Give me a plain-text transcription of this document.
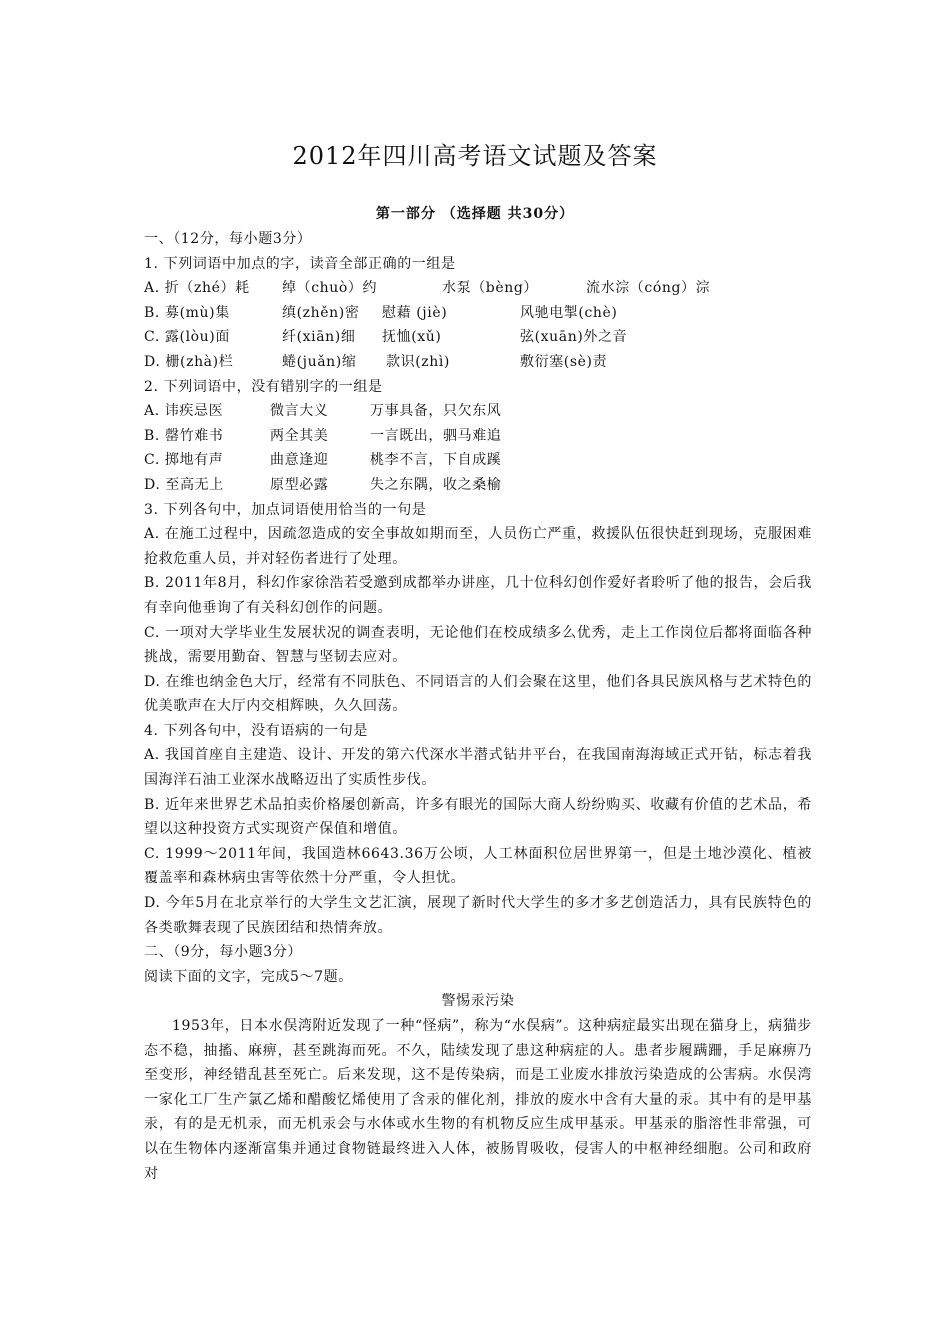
2012年四川高考语文试题及答案
第一部分 （选择题 共30分）
一、（12分，每小题3分）
1. 下列词语中加点的字，读音全部正确的一组是
A. 折（zhé）耗 绰（chuò）约	水泵（bèng）	流水淙（cóng）淙
B. 募(mù)集	缜(zhěn)密 慰藉 (jiè)	风驰电掣(chè)
C. 露(lòu)面	纤(xiān)细 抚恤(xǔ)	弦(xuān)外之音
D. 栅(zhà)栏	蜷(juǎn)缩 款识(zhì)	敷衍塞(sè)责
2. 下列词语中，没有错别字的一组是
A. 讳疾忌医	微言大义	万事具备，只欠东风
B. 罄竹难书	两全其美	一言既出，驷马难追
C. 掷地有声	曲意逢迎	桃李不言，下自成蹊
D. 至高无上	原型必露	失之东隅，收之桑榆
3. 下列各句中，加点词语使用恰当的一句是
A. 在施工过程中，因疏忽造成的安全事故如期而至，人员伤亡严重，救援队伍很快赶到现场，克服困难抢救危重人员，并对轻伤者进行了处理。
B. 2011年8月，科幻作家徐浩若受邀到成都举办讲座，几十位科幻创作爱好者聆听了他的报告，会后我有幸向他垂询了有关科幻创作的问题。
C. 一项对大学毕业生发展状况的调查表明，无论他们在校成绩多么优秀，走上工作岗位后都将面临各种挑战，需要用勤奋、智慧与坚韧去应对。
D. 在维也纳金色大厅，经常有不同肤色、不同语言的人们会聚在这里，他们各具民族风格与艺术特色的优美歌声在大厅内交相辉映，久久回荡。
4. 下列各句中，没有语病的一句是
A. 我国首座自主建造、设计、开发的第六代深水半潜式钻井平台，在我国南海海域正式开钻，标志着我国海洋石油工业深水战略迈出了实质性步伐。
B. 近年来世界艺术品拍卖价格屡创新高，许多有眼光的国际大商人纷纷购买、收藏有价值的艺术品，希望以这种投资方式实现资产保值和增值。
C. 1999～2011年间，我国造林6643.36万公顷，人工林面积位居世界第一，但是土地沙漠化、植被覆盖率和森林病虫害等依然十分严重，令人担忧。
D. 今年5月在北京举行的大学生文艺汇演，展现了新时代大学生的多才多艺创造活力，具有民族特色的各类歌舞表现了民族团结和热情奔放。
二、（9分，每小题3分）
阅读下面的文字，完成5～7题。
警惕汞污染
1953年，日本水俣湾附近发现了一种“怪病”，称为“水俣病”。这种病症最实出现在猫身上，病猫步态不稳，抽搐、麻痹，甚至跳海而死。不久，陆续发现了患这种病症的人。患者步履蹒跚，手足麻痹乃至变形，神经错乱甚至死亡。后来发现，这不是传染病，而是工业废水排放污染造成的公害病。水俣湾一家化工厂生产氯乙烯和醋酸忆烯使用了含汞的催化剂，排放的废水中含有大量的汞。其中有的是甲基汞，有的是无机汞，而无机汞会与水体或水生物的有机物反应生成甲基汞。甲基汞的脂溶性非常强，可以在生物体内逐渐富集并通过食物链最终进入人体，被肠胃吸收，侵害人的中枢神经细胞。公司和政府对
